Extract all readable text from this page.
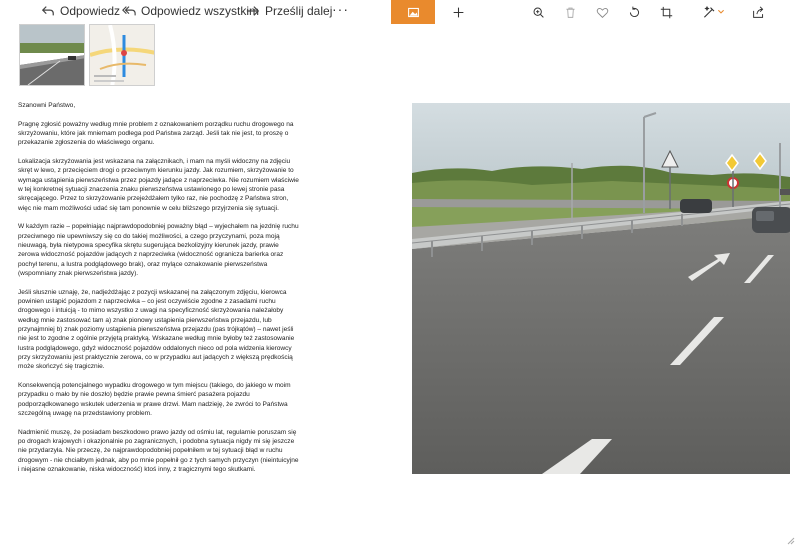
Odpowiedz Odpowiedz wszystkim Prześlij dalej ···

Szanowni Państwo,

Pragnę zgłosić poważny według mnie problem z oznakowaniem porządku ruchu drogowego na skrzyżowaniu, które jak mniemam podlega pod Państwa zarząd. Jeśli tak nie jest, to proszę o przekazanie zgłoszenia do właściwego organu.

Lokalizacja skrzyżowania jest wskazana na załącznikach, i mam na myśli widoczny na zdjęciu skręt w lewo, z przecięciem drogi o przeciwnym kierunku jazdy. Jak rozumiem, skrzyżowanie to wymaga ustąpienia pierwszeństwa przez pojazdy jadące z naprzeciwka. Nie rozumiem właściwie w tej konkretnej sytuacji znaczenia znaku pierwszeństwa ustawionego po lewej stronie pasa skręcającego. Przez to skrzyżowanie przejeżdżałem tylko raz, nie pochodzę z Państwa stron, więc nie mam możliwości udać się tam ponownie w celu bliższego przyjrzenia się sytuacji.

W każdym razie – popełniając najprawdopodobniej poważny błąd – wyjechałem na jezdnię ruchu przeciwnego nie upewniwszy się co do takiej możliwości, a czego przyczynami, poza moją nieuwagą, była nietypowa specyfika skrętu sugerująca bezkolizyjny kierunek jazdy, prawie zerowa widoczność pojazdów jadących z naprzeciwka (widoczność ogranicza barierka oraz pochył terenu, a lustra podglądowego brak), oraz mylące oznakowanie pierwszeństwa (wspomniany znak pierwszeństwa jazdy).

Jeśli słusznie uznaję, że, nadjeżdżając z pozycji wskazanej na załączonym zdjęciu, kierowca powinien ustąpić pojazdom z naprzeciwka – co jest oczywiście zgodne z zasadami ruchu drogowego i intuicją - to mimo wszystko z uwagi na specyficzność skrzyżowania należałoby według mnie zastosować tam a) znak pionowy ustąpienia pierwszeństwa przejazdu, lub przynajmniej b) znak poziomy ustąpienia pierwszeństwa przejazdu (pas trójkątów) – nawet jeśli nie jest to zgodne z ogólnie przyjętą praktyką. Wskazane według mnie byłoby też zastosowanie lustra podglądowego, gdyż widoczność pojazdów oddalonych nieco od pola widzenia kierowcy przy skrzyżowaniu jest praktycznie zerowa, co w przypadku aut jadących z większą prędkością może skończyć się tragicznie.

Konsekwencją potencjalnego wypadku drogowego w tym miejscu (takiego, do jakiego w moim przypadku o mało by nie doszło) będzie prawie pewna śmierć pasażera pojazdu podporządkowanego wskutek uderzenia w prawe drzwi. Mam nadzieję, że zwróci to Państwa szczególną uwagę na przedstawiony problem.

Nadmienić muszę, że posiadam beszkodowo prawo jazdy od ośmiu lat, regularnie poruszam się po drogach krajowych i okazjonalnie po zagranicznych, i podobna sytuacja nigdy mi się jeszcze nie przydarzyła. Nie przeczę, że najprawdopodobniej popełniłem w tej sytuacji błąd w ruchu drogowym - nie chciałbym jednak, aby po mnie popełnił go z tych samych przyczyn (nieintuicyjne i niejasne oznakowanie, niska widoczność) ktoś inny, z tragicznymi tego skutkami.
